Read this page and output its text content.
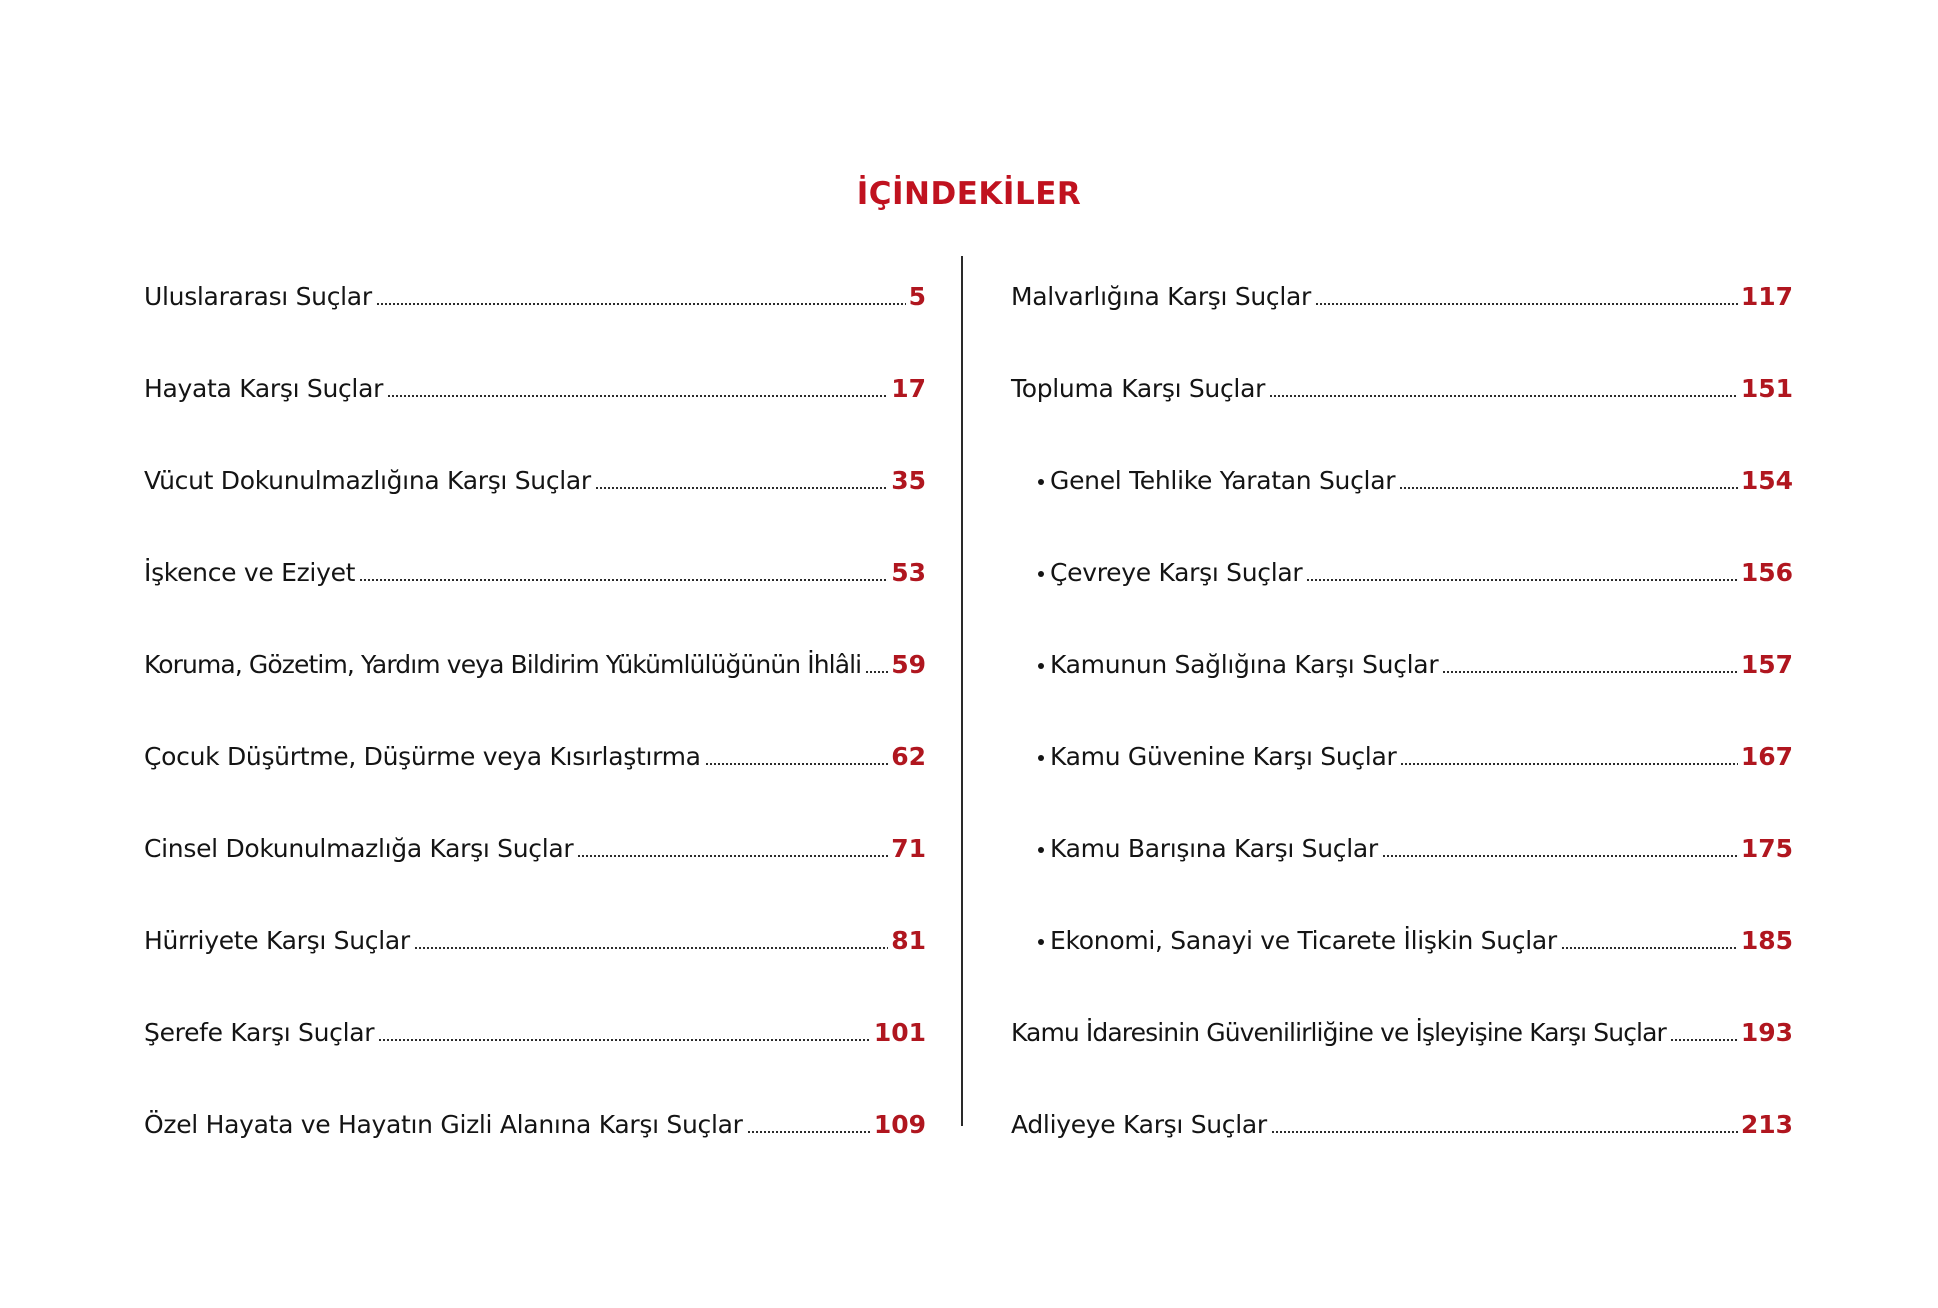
İÇİNDEKİLER
Uluslararası Suçlar	5
Hayata Karşı Suçlar	17
Vücut Dokunulmazlığına Karşı Suçlar	35
İşkence ve Eziyet	53
Koruma, Gözetim, Yardım veya Bildirim Yükümlülüğünün İhlâli 59
Çocuk Düşürtme, Düşürme veya Kısırlaştırma	62
Cinsel Dokunulmazlığa Karşı Suçlar	71
Hürriyete Karşı Suçlar	81
Şerefe Karşı Suçlar	101
Özel Hayata ve Hayatın Gizli Alanına Karşı Suçlar	109
Malvarlığına Karşı Suçlar	117
Topluma Karşı Suçlar	151
Genel Tehlike Yaratan Suçlar	154
Çevreye Karşı Suçlar	156
Kamunun Sağlığına Karşı Suçlar	157
Kamu Güvenine Karşı Suçlar	167
Kamu Barışına Karşı Suçlar	175
Ekonomi, Sanayi ve Ticarete İlişkin Suçlar	185
Kamu İdaresinin Güvenilirliğine ve İşleyişine Karşı Suçlar	193
Adliyeye Karşı Suçlar	213
